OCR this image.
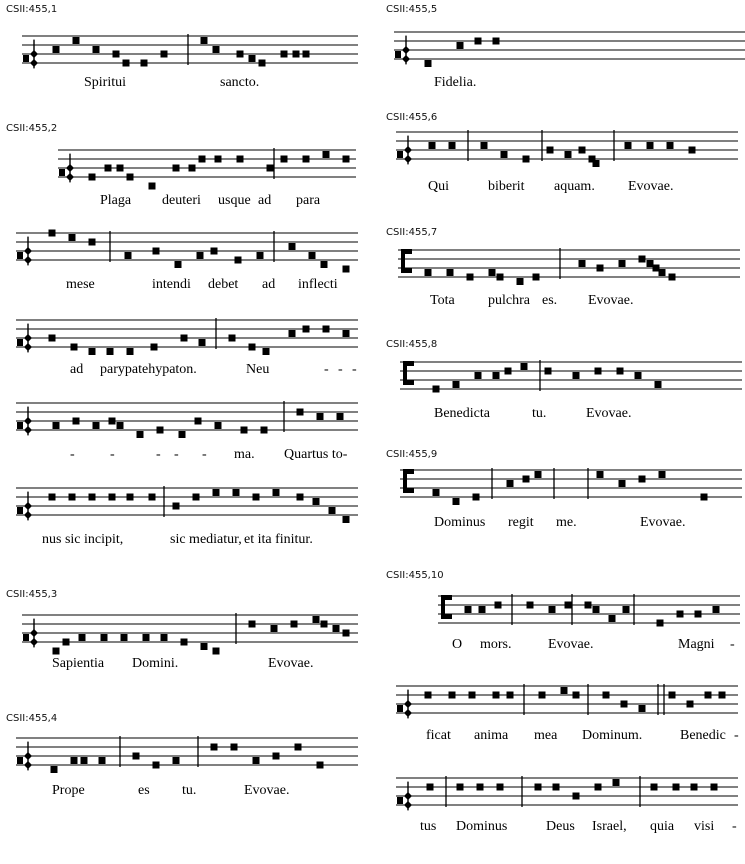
CSII:455,1
Spiritui	sancto.
CSII:455,2
Plaga deuteri usque ad para
mese	intendi debet ad inflecti
ad parypatehypaton.	Neu	- - -
-	-	- - - ma. Quartus to-
nus sic incipit,	sic mediatur, et ita finitur.
CSII:455,3
Sapientia Domini.	Evovae.
CSII:455,4
Prope	es tu.	Evovae.
CSII:455,5
Fidelia.
CSII:455,6
Qui	biberit aquam. Evovae.
CSII:455,7
Tota pulchra es. Evovae.
CSII:455,8
Benedicta	tu.	Evovae.
CSII:455,9
Dominus regit me.	Evovae.
CSII:455,10
O mors.	Evovae.	Magni -
ficat anima mea Dominum.	Benedic -
tus Dominus	Deus Israel, quia visi -
